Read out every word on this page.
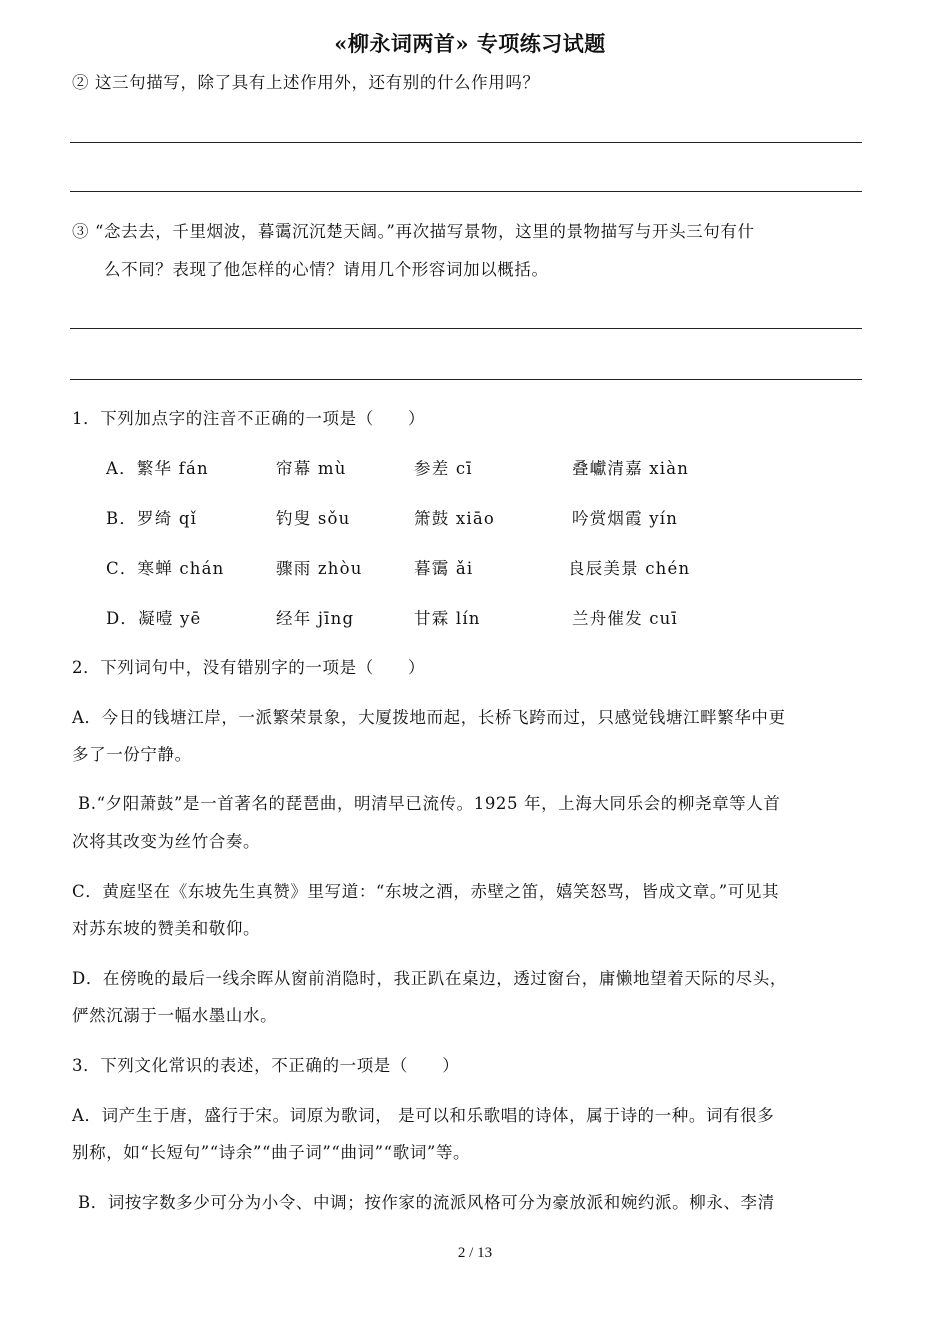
«柳永词两首» 专项练习试题
② 这三句描写，除了具有上述作用外，还有别的什么作用吗？
③ “念去去，千里烟波，暮霭沉沉楚天阔。”再次描写景物，这里的景物描写与开头三句有什
么不同？表现了他怎样的心情？请用几个形容词加以概括。
1．下列加点字的注音不正确的一项是（　　）
A．繁华 fán	帘幕 mù	参差 cī	叠巘清嘉 xiàn
B．罗绮 qǐ	钓叟 sǒu	箫鼓 xiāo	吟赏烟霞 yín
C．寒蝉 chán	骤雨 zhòu	暮霭 ǎi	良辰美景 chén
D．凝噎 yē	经年 jīng	甘霖 lín	兰舟催发 cuī
2．下列词句中，没有错别字的一项是（　　）
A．今日的钱塘江岸，一派繁荣景象，大厦拨地而起，长桥飞跨而过，只感觉钱塘江畔繁华中更
多了一份宁静。
B.“夕阳萧鼓”是一首著名的琵琶曲，明清早已流传。1925 年，上海大同乐会的柳尧章等人首
次将其改变为丝竹合奏。
C．黄庭坚在《东坡先生真赞》里写道：“东坡之酒，赤壁之笛，嬉笑怒骂，皆成文章。”可见其
对苏东坡的赞美和敬仰。
D．在傍晚的最后一线余晖从窗前消隐时，我正趴在桌边，透过窗台，庸懒地望着天际的尽头，
俨然沉溺于一幅水墨山水。
3．下列文化常识的表述，不正确的一项是（　　）
A．词产生于唐，盛行于宋。词原为歌词， 是可以和乐歌唱的诗体，属于诗的一种。词有很多
别称，如“长短句”“诗余”“曲子词”“曲词”“歌词”等。
B．词按字数多少可分为小令、中调；按作家的流派风格可分为豪放派和婉约派。柳永、李清
2 / 13
